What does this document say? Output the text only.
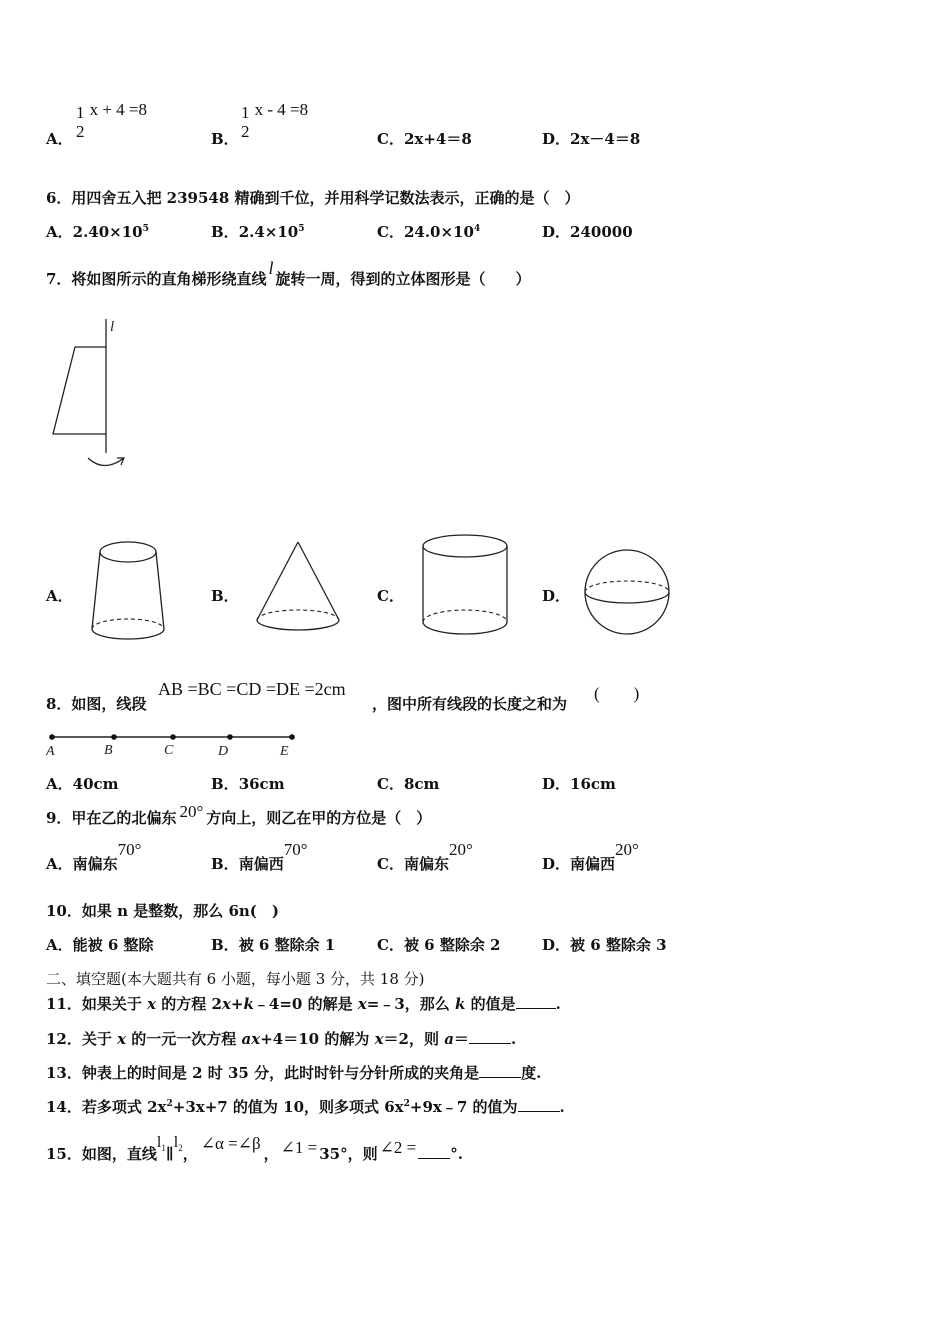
A．
1
2
x + 4 =8
B．
1
2
x - 4 =8
C．2x+4＝8	D．2x－4＝8
6．用四舍五入把 239548 精确到千位，并用科学记数法表示，正确的是（　）
A．$2.40\times 10^5$	B．$2.4\times 10^5$	C．$24.0\times 10^4$	D．240000
7．将如图所示的直角梯形绕直线l旋转一周，得到的立体图形是（　　）
l
A．	B．	C．	D．
8．如图，线段
AB =BC =CD =DE =2cm
，图中所有线段的长度之和为
(　　)
A	B	C	D	E
A．40cm	B．36cm	C．8cm	D．16cm
9．甲在乙的北偏东 20° 方向上，则乙在甲的方位是（　）
A．南偏东70°
B．南偏西70°
C．南偏东20°
D．南偏西20°
10．如果 n 是整数，那么 6n(　)
A．能被 6 整除	B．被 6 整除余 1	C．被 6 整除余 2	D．被 6 整除余 3
二、填空题(本大题共有 6 小题，每小题 3 分，共 18 分)
11．如果关于 x 的方程 2x+k﹣4=0 的解是 x=﹣3，那么 k 的值是	.
12．关于 x 的一元一次方程 ax+4＝10 的解为 x＝2，则 a＝	.
13．钟表上的时间是 2 时 35 分，此时时针与分针所成的夹角是	度.
14．若多项式 $2x^2+3x+7$ 的值为 10，则多项式 $6x^2+9x﹣7$ 的值为	.
15．如图，直线$l_1\parallel l_2$，∠α =∠β， ∠1 = 35°，则 ∠2 = °.
